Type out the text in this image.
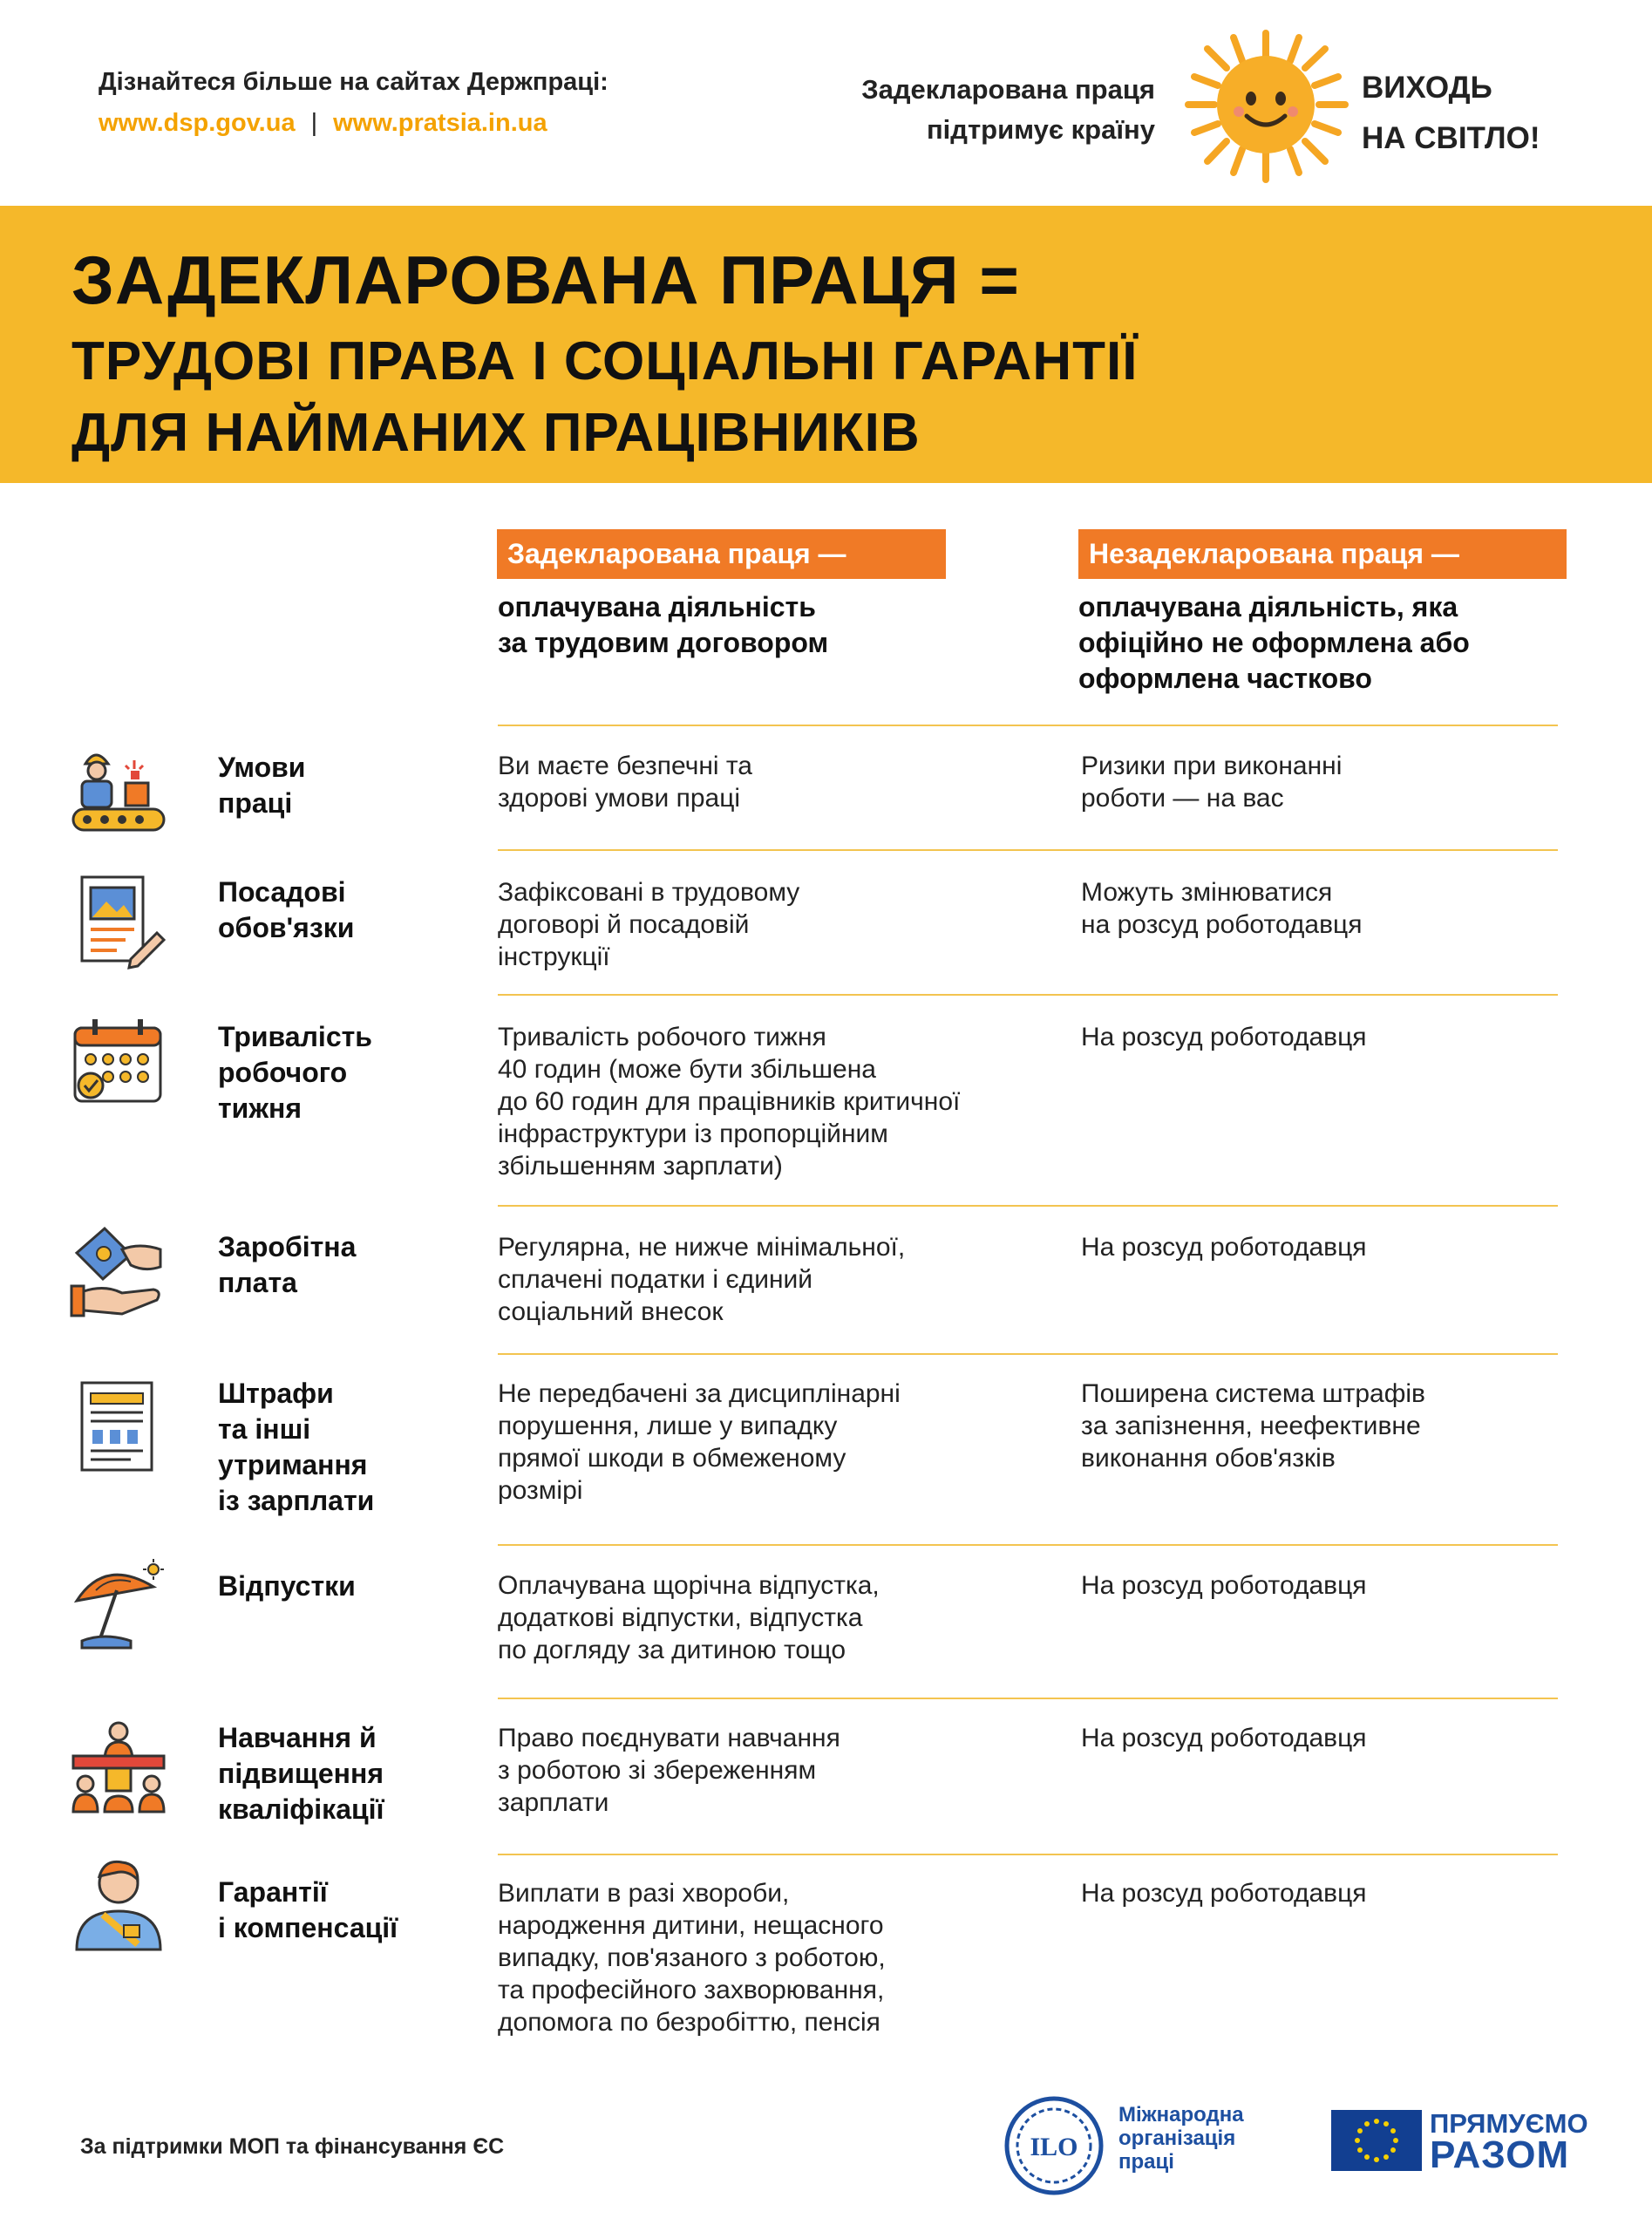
Дізнайтеся більше на сайтах Держпраці:
www.dsp.gov.ua | www.pratsia.in.ua
Задекларована праця
підтримує країну
ВИХОДЬ
НА СВІТЛО!
ЗАДЕКЛАРОВАНА ПРАЦЯ =
ТРУДОВІ ПРАВА І СОЦІАЛЬНІ ГАРАНТІЇ
ДЛЯ НАЙМАНИХ ПРАЦІВНИКІВ
Задекларована праця —
оплачувана діяльність
за трудовим договором
Незадекларована праця —
оплачувана діяльність, яка
офіційно не оформлена або
оформлена частково
Умови
праці
Ви маєте безпечні та
здорові умови праці
Ризики при виконанні
роботи — на вас
Посадові
обов'язки
Зафіксовані в трудовому
договорі й посадовій
інструкції
Можуть змінюватися
на розсуд роботодавця
Тривалість
робочого
тижня
Тривалість робочого тижня
40 годин (може бути збільшена
до 60 годин для працівників критичної
інфраструктури із пропорційним
збільшенням зарплати)
На розсуд роботодавця
Заробітна
плата
Регулярна, не нижче мінімальної,
сплачені податки і єдиний
соціальний внесок
На розсуд роботодавця
Штрафи
та інші
утримання
із зарплати
Не передбачені за дисциплінарні
порушення, лише у випадку
прямої шкоди в обмеженому
розмірі
Поширена система штрафів
за запізнення, неефективне
виконання обов'язків
Відпустки	Оплачувана щорічна відпустка,
додаткові відпустки, відпустка
по догляду за дитиною тощо
На розсуд роботодавця
Навчання й
підвищення
кваліфікації
Право поєднувати навчання
з роботою зі збереженням
зарплати
На розсуд роботодавця
Гарантії
і компенсації
Виплати в разі хвороби,
народження дитини, нещасного
випадку, пов'язаного з роботою,
та професійного захворювання,
допомога по безробіттю, пенсія
На розсуд роботодавця
За підтримки МОП та фінансування ЄС	ILO
Міжнародна
організація
праці
ПРЯМУЄМО
РАЗОМ
